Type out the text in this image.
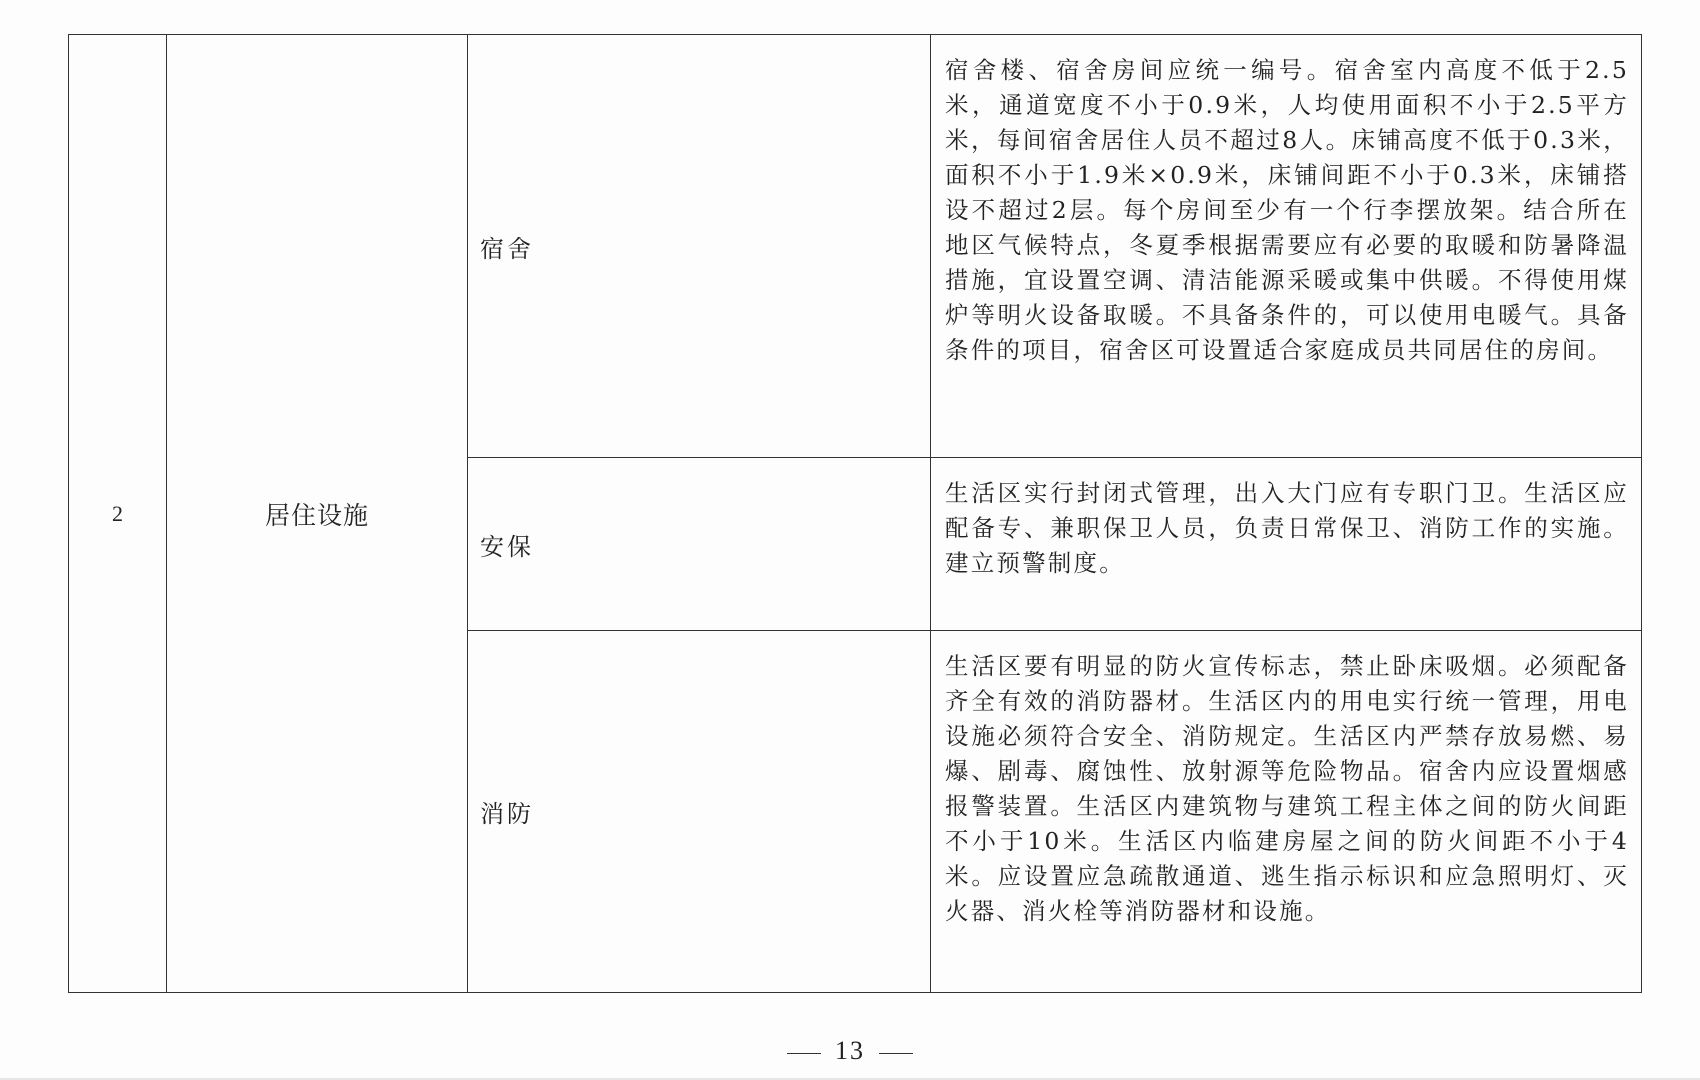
2	居住设施	宿舍	宿舍楼、宿舍房间应统一编号。宿舍室内高度不低于2.5米，通道宽度不小于0.9米，人均使用面积不小于2.5平方米，每间宿舍居住人员不超过8人。床铺高度不低于0.3米，面积不小于1.9米×0.9米，床铺间距不小于0.3米，床铺搭设不超过2层。每个房间至少有一个行李摆放架。结合所在地区气候特点，冬夏季根据需要应有必要的取暖和防暑降温措施，宜设置空调、清洁能源采暖或集中供暖。不得使用煤炉等明火设备取暖。不具备条件的，可以使用电暖气。具备条件的项目，宿舍区可设置适合家庭成员共同居住的房间。
		安保	生活区实行封闭式管理，出入大门应有专职门卫。生活区应配备专、兼职保卫人员，负责日常保卫、消防工作的实施。建立预警制度。
		消防	生活区要有明显的防火宣传标志，禁止卧床吸烟。必须配备齐全有效的消防器材。生活区内的用电实行统一管理，用电设施必须符合安全、消防规定。生活区内严禁存放易燃、易爆、剧毒、腐蚀性、放射源等危险物品。宿舍内应设置烟感报警装置。生活区内建筑物与建筑工程主体之间的防火间距不小于10米。生活区内临建房屋之间的防火间距不小于4米。应设置应急疏散通道、逃生指示标识和应急照明灯、灭火器、消火栓等消防器材和设施。
13
